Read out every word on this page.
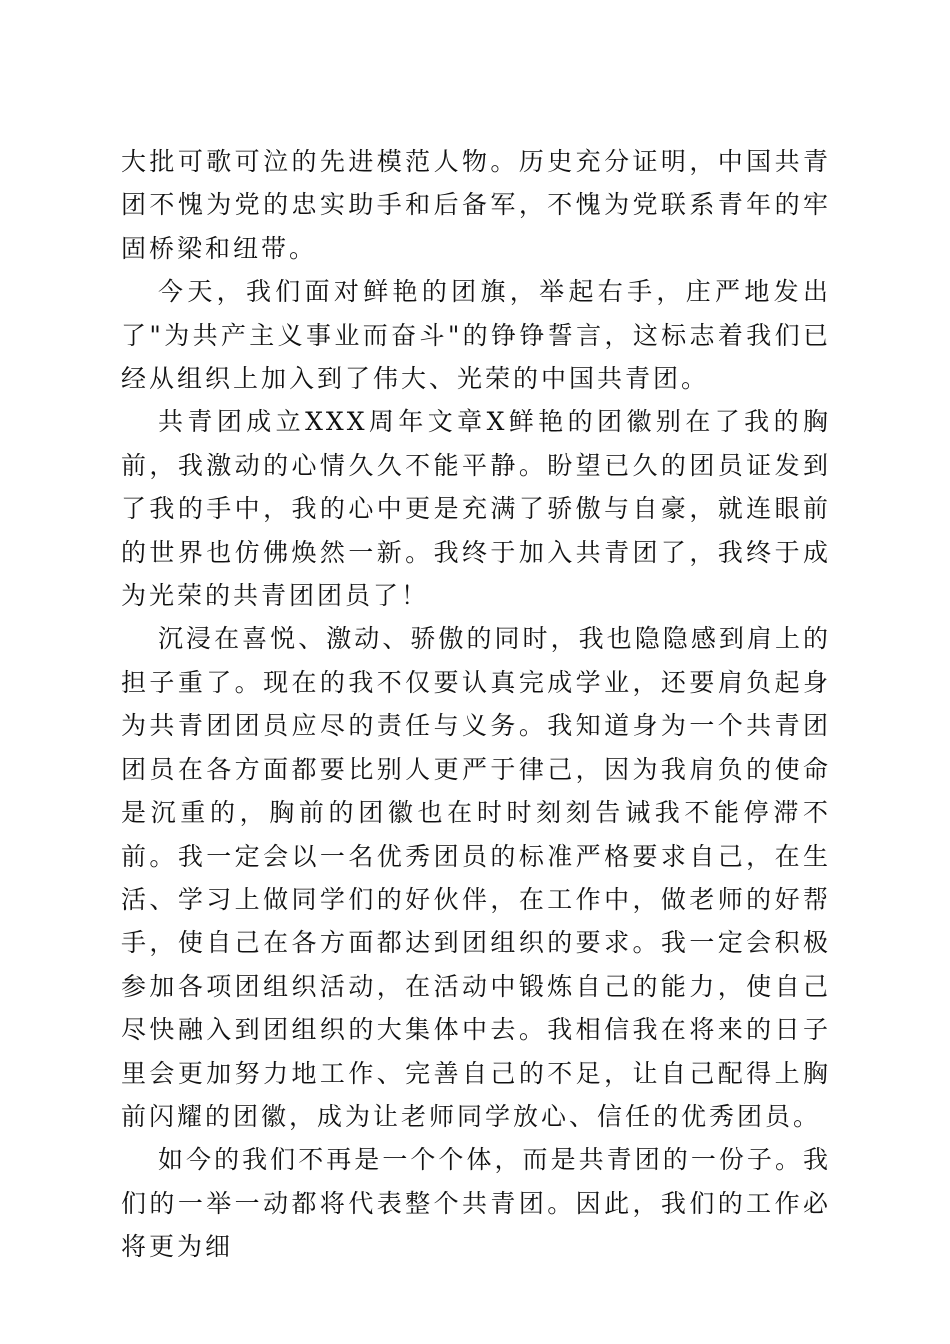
大批可歌可泣的先进模范人物。历史充分证明，中国共青团不愧为党的忠实助手和后备军，不愧为党联系青年的牢固桥梁和纽带。

今天，我们面对鲜艳的团旗，举起右手，庄严地发出了"为共产主义事业而奋斗"的铮铮誓言，这标志着我们已经从组织上加入到了伟大、光荣的中国共青团。

共青团成立XXX周年文章X鲜艳的团徽别在了我的胸前，我激动的心情久久不能平静。盼望已久的团员证发到了我的手中，我的心中更是充满了骄傲与自豪，就连眼前的世界也仿佛焕然一新。我终于加入共青团了，我终于成为光荣的共青团团员了！

沉浸在喜悦、激动、骄傲的同时，我也隐隐感到肩上的担子重了。现在的我不仅要认真完成学业，还要肩负起身为共青团团员应尽的责任与义务。我知道身为一个共青团团员在各方面都要比别人更严于律己，因为我肩负的使命是沉重的，胸前的团徽也在时时刻刻告诫我不能停滞不前。我一定会以一名优秀团员的标准严格要求自己，在生活、学习上做同学们的好伙伴，在工作中，做老师的好帮手，使自己在各方面都达到团组织的要求。我一定会积极参加各项团组织活动，在活动中锻炼自己的能力，使自己尽快融入到团组织的大集体中去。我相信我在将来的日子里会更加努力地工作、完善自己的不足，让自己配得上胸前闪耀的团徽，成为让老师同学放心、信任的优秀团员。

如今的我们不再是一个个体，而是共青团的一份子。我们的一举一动都将代表整个共青团。因此，我们的工作必将更为细
